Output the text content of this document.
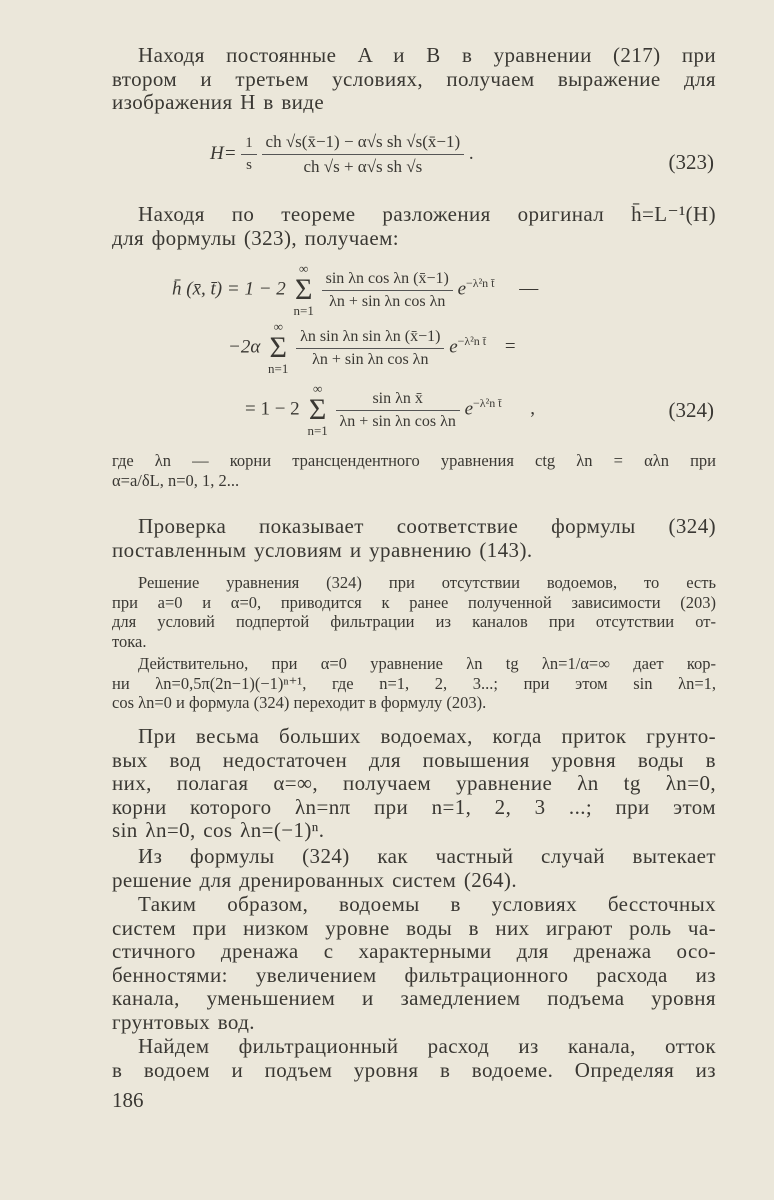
Находя постоянные A и B в уравнении (217) при
втором и третьем условиях, получаем выражение для
изображения H в виде
$H= \frac{1}{s}$
$\frac{\text{ch √s(x̄−1) − α√s sh √s(x̄−1)}}{\text{ch √s + α√s sh √s}}$ .	(323)
Находя по теореме разложения оригинал h̄=L⁻¹(H)
для формулы (323), получаем:
h̄ (x̄, t̄) = 1 − 2 ∞
Σ
$n=1 \frac{\text{sin λn cos λn (x̄−1)}}{\text{λn + sin λn cos λn}} e^{-\lambda^2n t̄}$ —
−2α ∞
Σ
$n=1 \frac{\text{λn sin λn sin λn (x̄−1)}}{\text{λn + sin λn cos λn}} e^{-\lambda^2n t̄}$ =
= 1 − 2 ∞
Σ
$n=1 \frac{\text{sin λn x̄}}{\text{λn + sin λn cos λn}} e^{-\lambda^2n t̄}$ ,	(324)
где λn — корни трансцендентного уравнения ctg λn = αλn при
α=a/δL, n=0, 1, 2...
Проверка показывает соответствие формулы (324)
поставленным условиям и уравнению (143).
Решение уравнения (324) при отсутствии водоемов, то есть
при a=0 и α=0, приводится к ранее полученной зависимости (203)
для условий подпертой фильтрации из каналов при отсутствии от-
тока.
Действительно, при α=0 уравнение λn tg λn=1/α=∞ дает кор-
ни λn=0,5π(2n−1)(−1)ⁿ⁺¹, где n=1, 2, 3...; при этом sin λn=1,
cos λn=0 и формула (324) переходит в формулу (203).
При весьма больших водоемах, когда приток грунто-
вых вод недостаточен для повышения уровня воды в
них, полагая α=∞, получаем уравнение λn tg λn=0,
корни которого λn=nπ при n=1, 2, 3 ...; при этом
sin λn=0, cos λn=(−1)ⁿ.
Из формулы (324) как частный случай вытекает
решение для дренированных систем (264).
Таким образом, водоемы в условиях бессточных
систем при низком уровне воды в них играют роль ча-
стичного дренажа с характерными для дренажа осо-
бенностями: увеличением фильтрационного расхода из
канала, уменьшением и замедлением подъема уровня
грунтовых вод.
Найдем фильтрационный расход из канала, отток
в водоем и подъем уровня в водоеме. Определяя из
186
